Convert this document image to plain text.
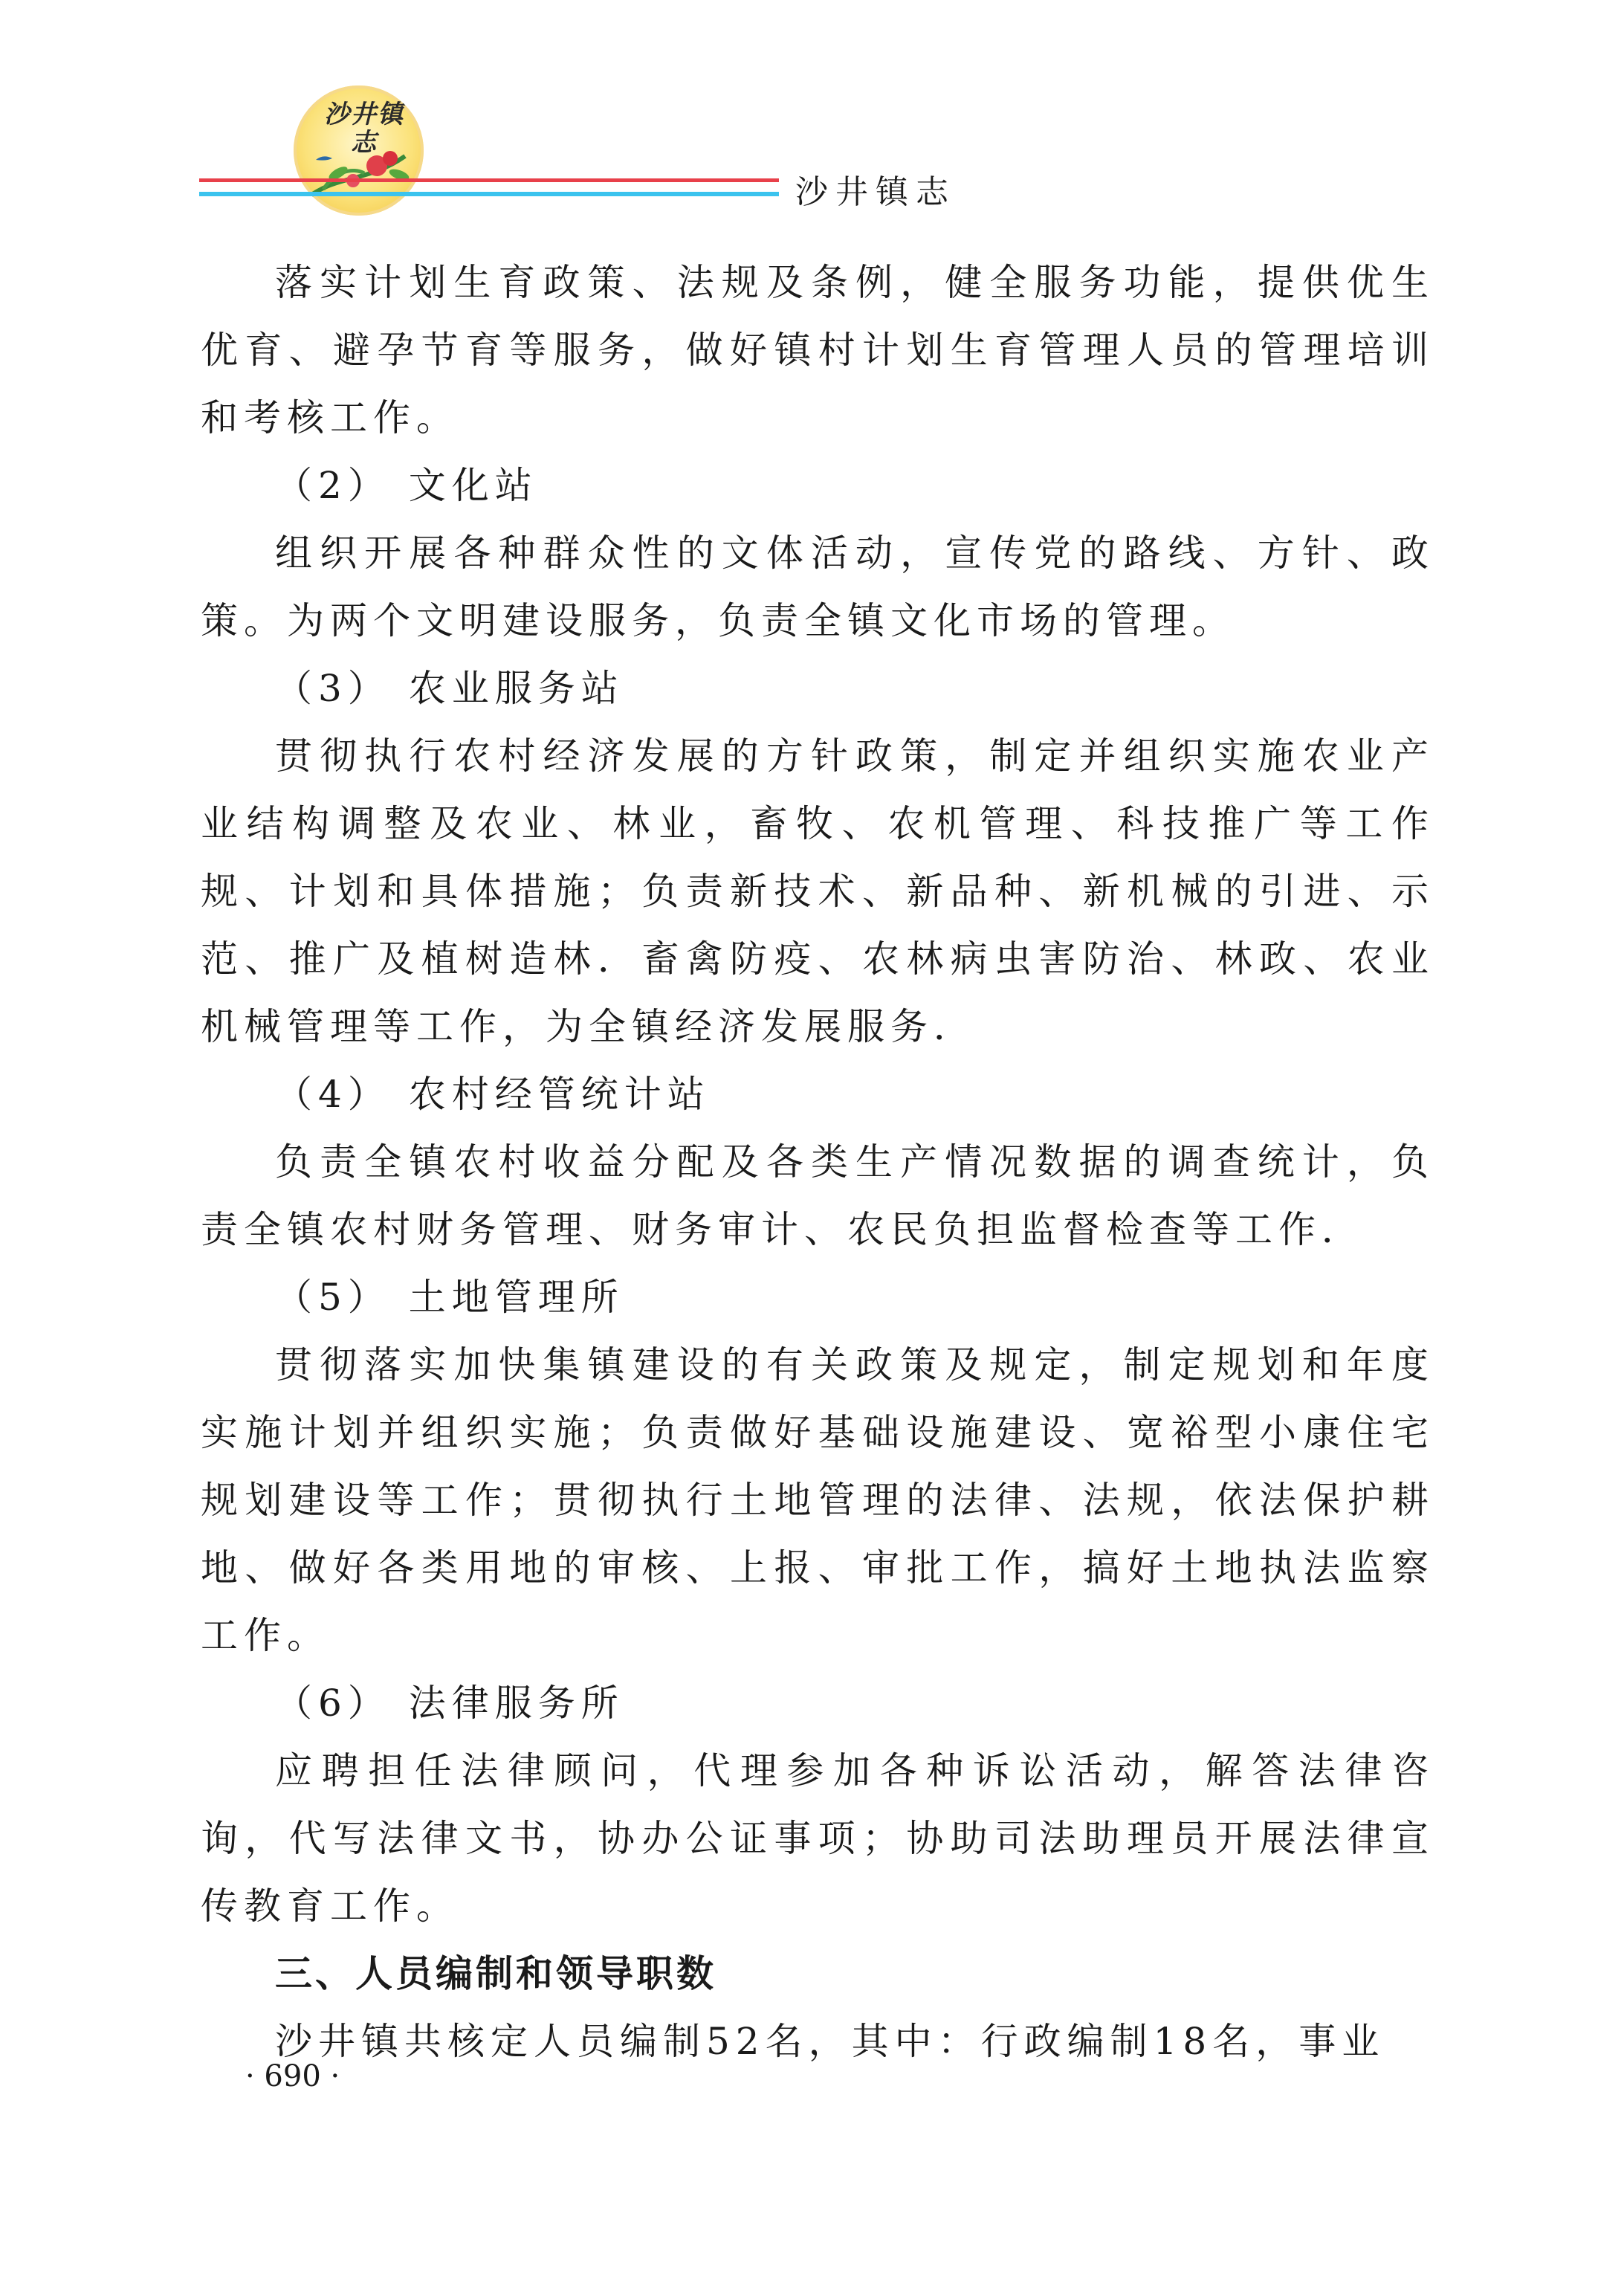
沙井镇志
沙井镇志

落实计划生育政策、法规及条例，健全服务功能，提供优生优育、避孕节育等服务，做好镇村计划生育管理人员的管理培训和考核工作。

（2） 文化站

组织开展各种群众性的文体活动，宣传党的路线、方针、政策。为两个文明建设服务，负责全镇文化市场的管理。

（3） 农业服务站

贯彻执行农村经济发展的方针政策，制定并组织实施农业产业结构调整及农业、林业，畜牧、农机管理、科技推广等工作规、计划和具体措施；负责新技术、新品种、新机械的引进、示范、推广及植树造林．畜禽防疫、农林病虫害防治、林政、农业机械管理等工作，为全镇经济发展服务．

（4） 农村经管统计站

负责全镇农村收益分配及各类生产情况数据的调查统计，负责全镇农村财务管理、财务审计、农民负担监督检查等工作．

（5） 土地管理所

贯彻落实加快集镇建设的有关政策及规定，制定规划和年度实施计划并组织实施；负责做好基础设施建设、宽裕型小康住宅规划建设等工作；贯彻执行土地管理的法律、法规，依法保护耕地、做好各类用地的审核、上报、审批工作，搞好土地执法监察工作。

（6） 法律服务所

应聘担任法律顾问，代理参加各种诉讼活动，解答法律咨询，代写法律文书，协办公证事项；协助司法助理员开展法律宣传教育工作。

三、人员编制和领导职数

沙井镇共核定人员编制52名，其中：行政编制18名，事业

· 690 ·
